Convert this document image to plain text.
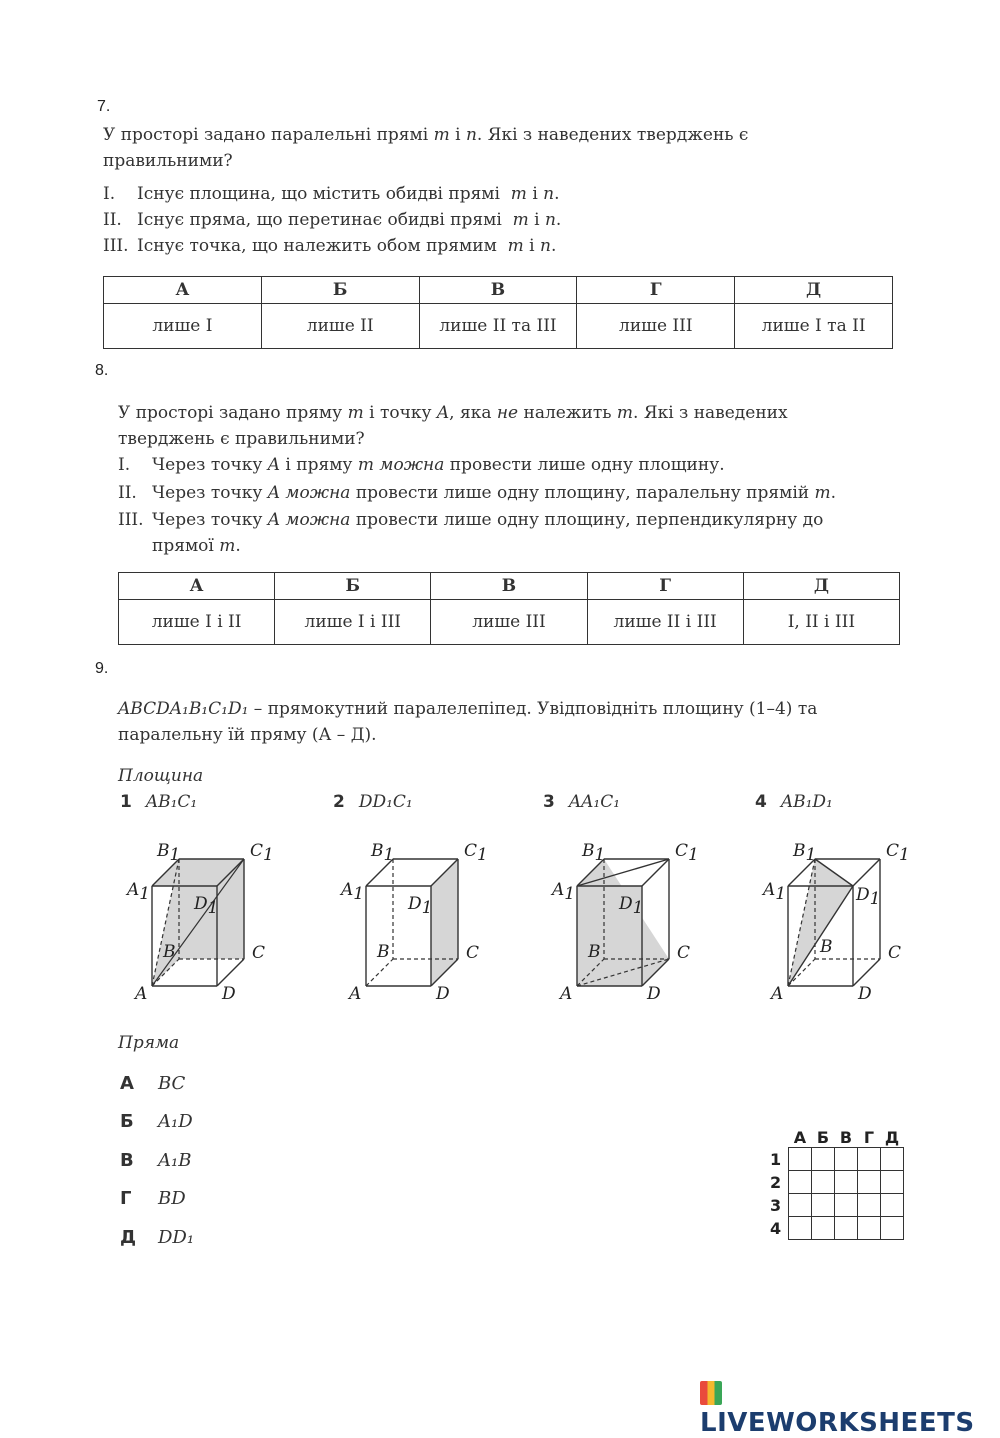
7.
У просторі задано паралельні прямі m і n. Які з наведених тверджень є
правильними?
I. Існує площина, що містить обидві прямі m і n.
II. Існує пряма, що перетинає обидві прямі m і n.
III. Існує точка, що належить обом прямим m і n.
А	Б	В	Г	Д
лише I	лише II	лише II та III	лише III	лише I та II
8.
У просторі задано пряму m і точку A, яка не належить m. Які з наведених
тверджень є правильними?
I. Через точку A і пряму m можна провести лише одну площину.
II. Через точку A можна провести лише одну площину, паралельну прямій m.
III. Через точку A можна провести лише одну площину, перпендикулярну до
прямої m.
А	Б	В	Г	Д
лише I і II	лише I і III	лише III	лише II і III	I, II і III
9.
ABCDA₁B₁C₁D₁ – прямокутний паралелепіпед. Увідповідніть площину (1–4) та
паралельну їй пряму (А – Д).
Площина
1 AB₁C₁	2 DD₁C₁	3 AA₁C₁	4 AB₁D₁
A1
B1	C1
D1
B	C
A	D
A1
B1	C1
D1
B	C
A	D
A1
B1	C1
D1
B	C
A	D
A1
B1	C1
D1
B	C
A	D
Пряма
А BC
Б A₁D
В A₁B
Г BD
Д DD₁
	А	Б	В	Г	Д
1					
2					
3					
4					
LIVEWORKSHEETS
